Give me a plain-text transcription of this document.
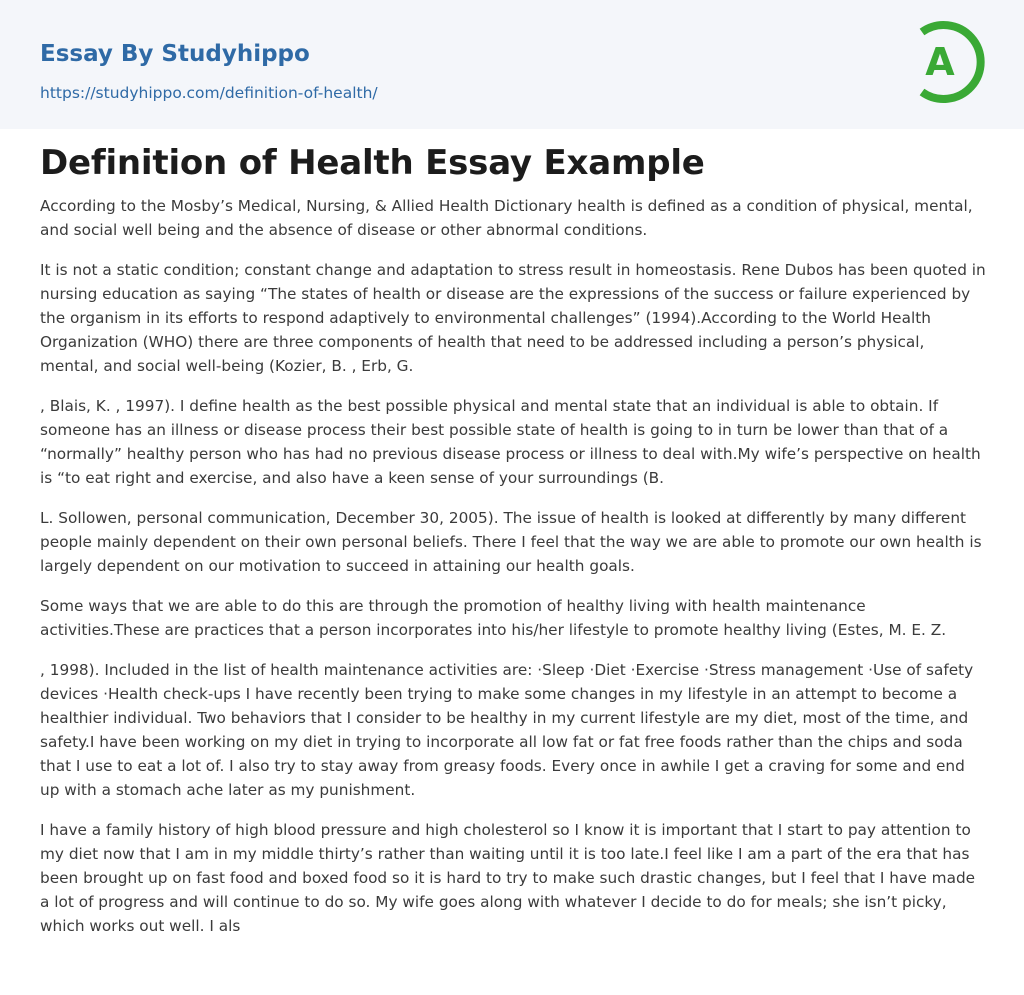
Essay By Studyhippo
https://studyhippo.com/definition-of-health/
A
Definition of Health Essay Example

According to the Mosby’s Medical, Nursing, & Allied Health Dictionary health is defined as a condition of physical, mental, and social well being and the absence of disease or other abnormal conditions.

It is not a static condition; constant change and adaptation to stress result in homeostasis. Rene Dubos has been quoted in nursing education as saying “The states of health or disease are the expressions of the success or failure experienced by the organism in its efforts to respond adaptively to environmental challenges” (1994).According to the World Health Organization (WHO) there are three components of health that need to be addressed including a person’s physical, mental, and social well-being (Kozier, B. , Erb, G.

, Blais, K. , 1997). I define health as the best possible physical and mental state that an individual is able to obtain. If someone has an illness or disease process their best possible state of health is going to in turn be lower than that of a “normally” healthy person who has had no previous disease process or illness to deal with.My wife’s perspective on health is “to eat right and exercise, and also have a keen sense of your surroundings (B.

L. Sollowen, personal communication, December 30, 2005). The issue of health is looked at differently by many different people mainly dependent on their own personal beliefs. There I feel that the way we are able to promote our own health is largely dependent on our motivation to succeed in attaining our health goals.

Some ways that we are able to do this are through the promotion of healthy living with health maintenance activities.These are practices that a person incorporates into his/her lifestyle to promote healthy living (Estes, M. E. Z.

, 1998). Included in the list of health maintenance activities are: ·Sleep ·Diet ·Exercise ·Stress management ·Use of safety devices ·Health check-ups I have recently been trying to make some changes in my lifestyle in an attempt to become a healthier individual. Two behaviors that I consider to be healthy in my current lifestyle are my diet, most of the time, and safety.I have been working on my diet in trying to incorporate all low fat or fat free foods rather than the chips and soda that I use to eat a lot of. I also try to stay away from greasy foods. Every once in awhile I get a craving for some and end up with a stomach ache later as my punishment.

I have a family history of high blood pressure and high cholesterol so I know it is important that I start to pay attention to my diet now that I am in my middle thirty’s rather than waiting until it is too late.I feel like I am a part of the era that has been brought up on fast food and boxed food so it is hard to try to make such drastic changes, but I feel that I have made a lot of progress and will continue to do so. My wife goes along with whatever I decide to do for meals; she isn’t picky, which works out well. I als
